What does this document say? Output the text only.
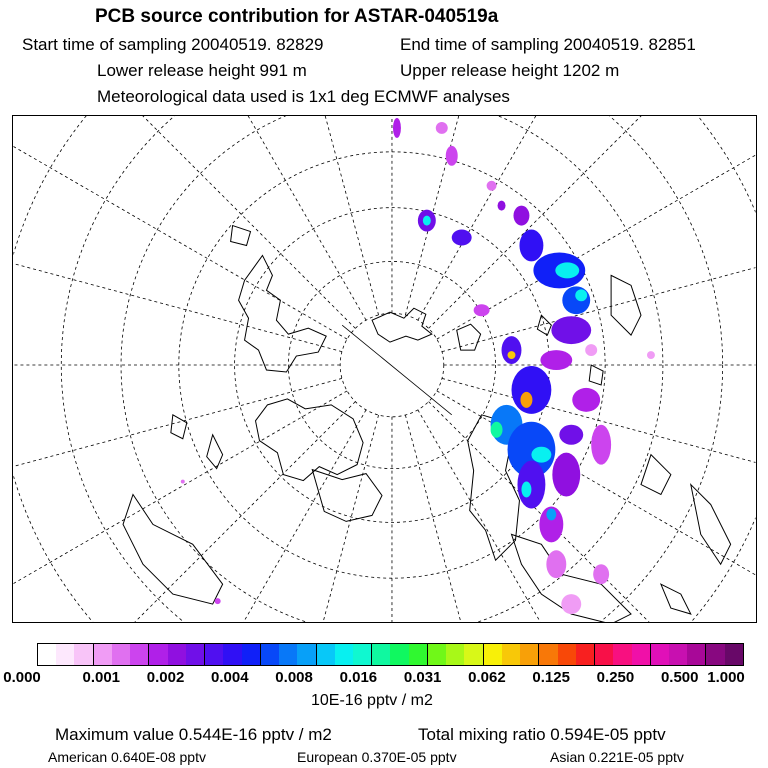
PCB source contribution for ASTAR-040519a
Start time of sampling 20040519. 82829	End time of sampling 20040519. 82851
Lower release height 991 m	Upper release height 1202 m
Meteorological data used is 1x1 deg ECMWF analyses
0.000	0.001 0.002 0.004 0.008 0.016 0.031 0.062 0.125 0.250 0.500 1.000
10E-16 pptv / m2
Maximum value 0.544E-16 pptv / m2	Total mixing ratio 0.594E-05 pptv
American 0.640E-08 pptv	European 0.370E-05 pptv	Asian 0.221E-05 pptv
